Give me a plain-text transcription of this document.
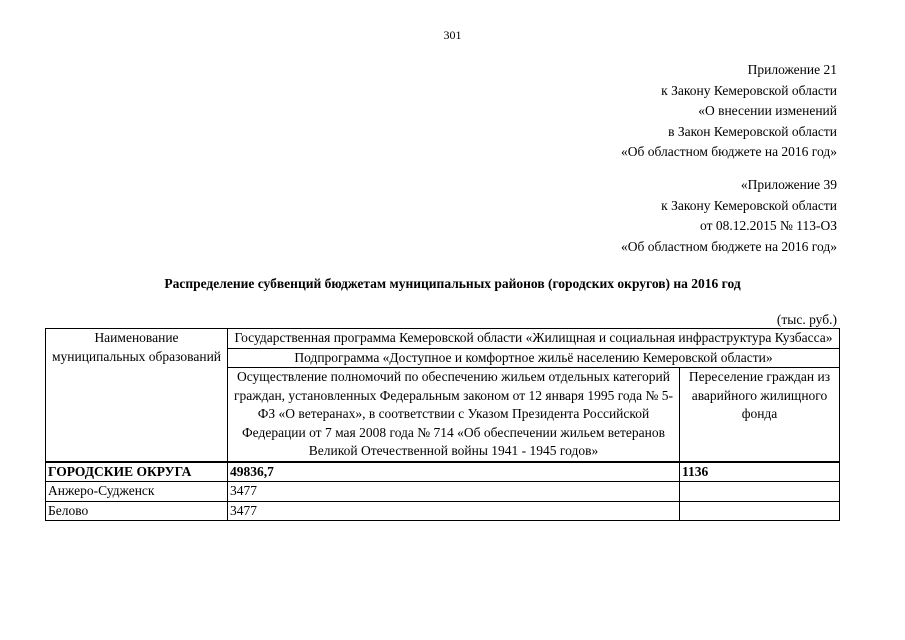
301
Приложение 21
к Закону Кемеровской области
«О внесении изменений
в Закон Кемеровской области
«Об областном бюджете на 2016 год»
«Приложение 39
к Закону Кемеровской области
от 08.12.2015 № 113-ОЗ
«Об областном бюджете на 2016 год»
Распределение субвенций бюджетам муниципальных районов (городских округов) на 2016 год
(тыс. руб.)
Наименование муниципальных образований	Государственная программа Кемеровской области «Жилищная и социальная инфраструктура Кузбасса»	
	Подпрограмма «Доступное и комфортное жильё населению Кемеровской области»	
	Осуществление полномочий по обеспечению жильем отдельных категорий граждан, установленных Федеральным законом от 12 января 1995 года № 5-ФЗ «О ветеранах», в соответствии с Указом Президента Российской Федерации от 7 мая 2008 года № 714 «Об обеспечении жильем ветеранов Великой Отечественной войны 1941 - 1945 годов»	Переселение граждан из аварийного жилищного фонда
ГОРОДСКИЕ ОКРУГА	49836,7	1136
Анжеро-Судженск	3477	
Белово	3477	
